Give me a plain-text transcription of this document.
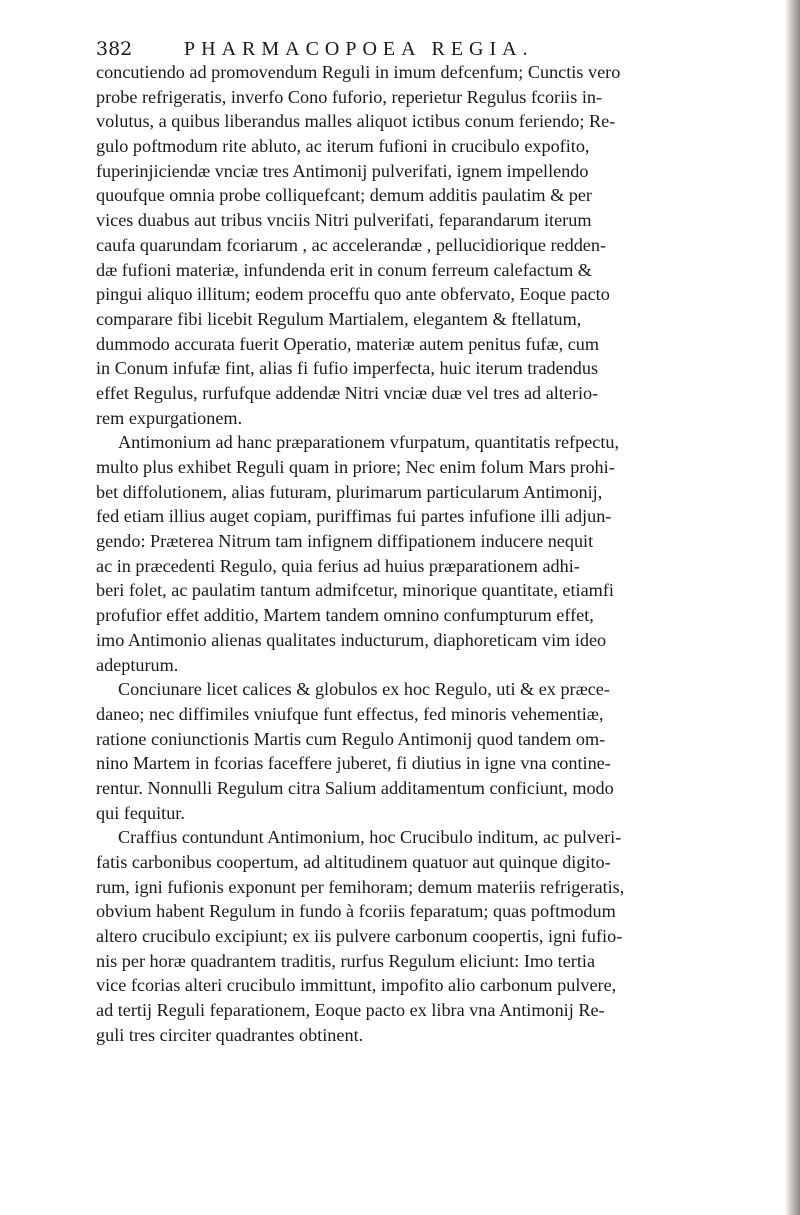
382	PHARMACOPOEA REGIA.
concutiendo ad promovendum Reguli in imum defcenfum; Cunctis vero
probe refrigeratis, inverfo Cono fuforio, reperietur Regulus fcoriis in-
volutus, a quibus liberandus malles aliquot ictibus conum feriendo; Re-
gulo poftmodum rite abluto, ac iterum fufioni in crucibulo expofito,
fuperinjiciendæ vnciæ tres Antimonij pulverifati, ignem impellendo
quoufque omnia probe colliquefcant; demum additis paulatim & per
vices duabus aut tribus vnciis Nitri pulverifati, feparandarum iterum
caufa quarundam fcoriarum , ac accelerandæ , pellucidiorique redden-
dæ fufioni materiæ, infundenda erit in conum ferreum calefactum &
pingui aliquo illitum; eodem proceffu quo ante obfervato, Eoque pacto
comparare fibi licebit Regulum Martialem, elegantem & ftellatum,
dummodo accurata fuerit Operatio, materiæ autem penitus fufæ, cum
in Conum infufæ fint, alias fi fufio imperfecta, huic iterum tradendus
effet Regulus, rurfufque addendæ Nitri vnciæ duæ vel tres ad alterio-
rem expurgationem.
Antimonium ad hanc præparationem vfurpatum, quantitatis refpectu,
multo plus exhibet Reguli quam in priore; Nec enim folum Mars prohi-
bet diffolutionem, alias futuram, plurimarum particularum Antimonij,
fed etiam illius auget copiam, puriffimas fui partes infufione illi adjun-
gendo: Præterea Nitrum tam infignem diffipationem inducere nequit
ac in præcedenti Regulo, quia ferius ad huius præparationem adhi-
beri folet, ac paulatim tantum admifcetur, minorique quantitate, etiamfi
profufior effet additio, Martem tandem omnino confumpturum effet,
imo Antimonio alienas qualitates inducturum, diaphoreticam vim ideo
adepturum.
Conciunare licet calices & globulos ex hoc Regulo, uti & ex præce-
daneo; nec diffimiles vniufque funt effectus, fed minoris vehementiæ,
ratione coniunctionis Martis cum Regulo Antimonij quod tandem om-
nino Martem in fcorias faceffere juberet, fi diutius in igne vna contine-
rentur. Nonnulli Regulum citra Salium additamentum conficiunt, modo
qui fequitur.
Craffius contundunt Antimonium, hoc Crucibulo inditum, ac pulveri-
fatis carbonibus coopertum, ad altitudinem quatuor aut quinque digito-
rum, igni fufionis exponunt per femihoram; demum materiis refrigeratis,
obvium habent Regulum in fundo à fcoriis feparatum; quas poftmodum
altero crucibulo excipiunt; ex iis pulvere carbonum coopertis, igni fufio-
nis per horæ quadrantem traditis, rurfus Regulum eliciunt: Imo tertia
vice fcorias alteri crucibulo immittunt, impofito alio carbonum pulvere,
ad tertij Reguli feparationem, Eoque pacto ex libra vna Antimonij Re-
guli tres circiter quadrantes obtinent.
